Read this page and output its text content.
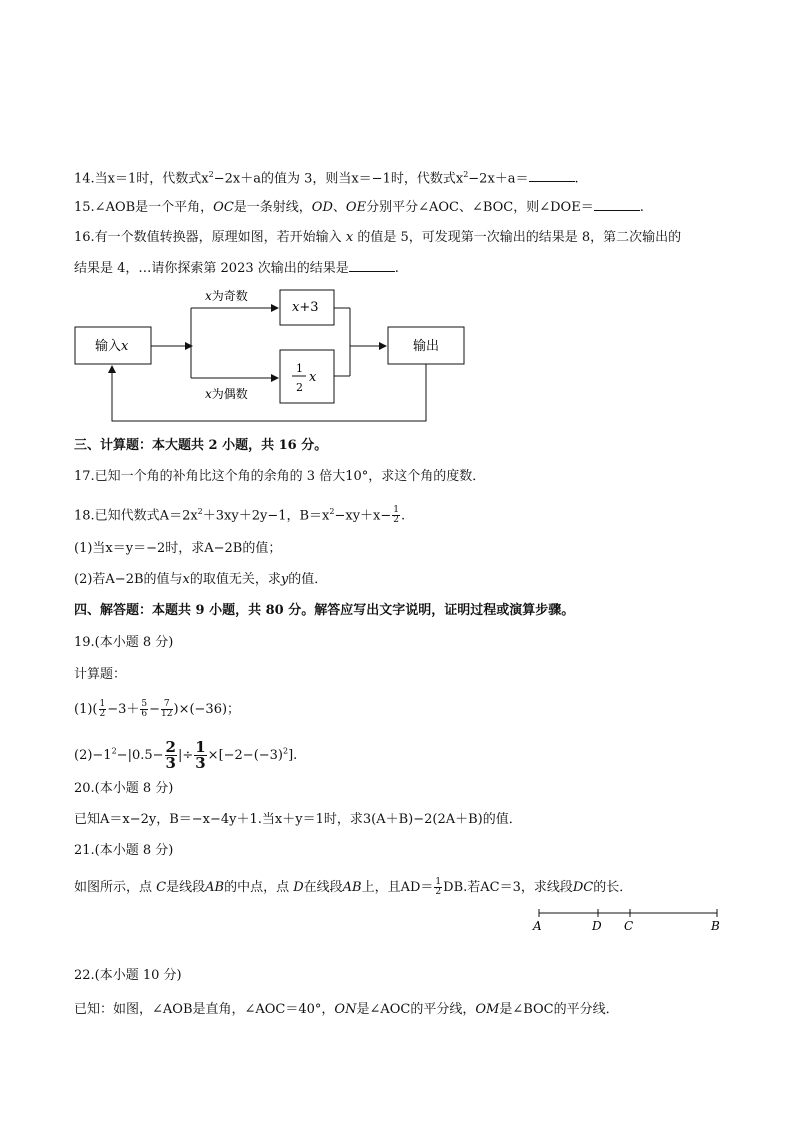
14.当x＝1时，代数式$x^2-2x+a$的值为 3，则当x＝−1时，代数式$x^2-2x+a=$	.
15.∠AOB是一个平角，OC是一条射线，OD、OE分别平分∠AOC、∠BOC，则∠DOE＝	.
16.有一个数值转换器，原理如图，若开始输入 x 的值是 5，可发现第一次输出的结果是 8，第二次输出的
结果是 4，…请你探索第 2023 次输出的结果是	.
输入x
x为奇数
x为偶数
x+3
1
2
x
输出
三、计算题：本大题共 2 小题，共 16 分。
17.已知一个角的补角比这个角的余角的 3 倍大10°，求这个角的度数．
18.已知代数式$A=2x^2+3xy+2y-1$，$B=x^2-xy+x- \frac{1}{2}$ .
(1)当x＝y＝−2时，求A−2B的值；
(2)若A−2B的值与x的取值无关，求y的值．
四、解答题：本题共 9 小题，共 80 分。解答应写出文字说明，证明过程或演算步骤。
19.(本小题 8 分)
计算题：
$(1)( \frac{1}{2} -3+ \frac{5}{6} - \frac{7}{12} )\times(-36)$；
$(2)-1^2-|0.5- \frac{2}{3}$ |÷ $\frac{1}{3} \times[-2-(-3)^2]$.
20.(本小题 8 分)
已知A＝x−2y，B＝−x−4y＋1.当x＋y＝1时，求3(A＋B)−2(2A＋B)的值．
21.(本小题 8 分)
如图所示，点 C是线段AB的中点，点 D在线段AB上，且$AD= \frac{1}{2}$ DB.若AC＝3，求线段DC的长．
A	D C	B
22.(本小题 10 分)
已知：如图，∠AOB是直角，∠AOC＝40°，ON是∠AOC的平分线，OM是∠BOC的平分线．
